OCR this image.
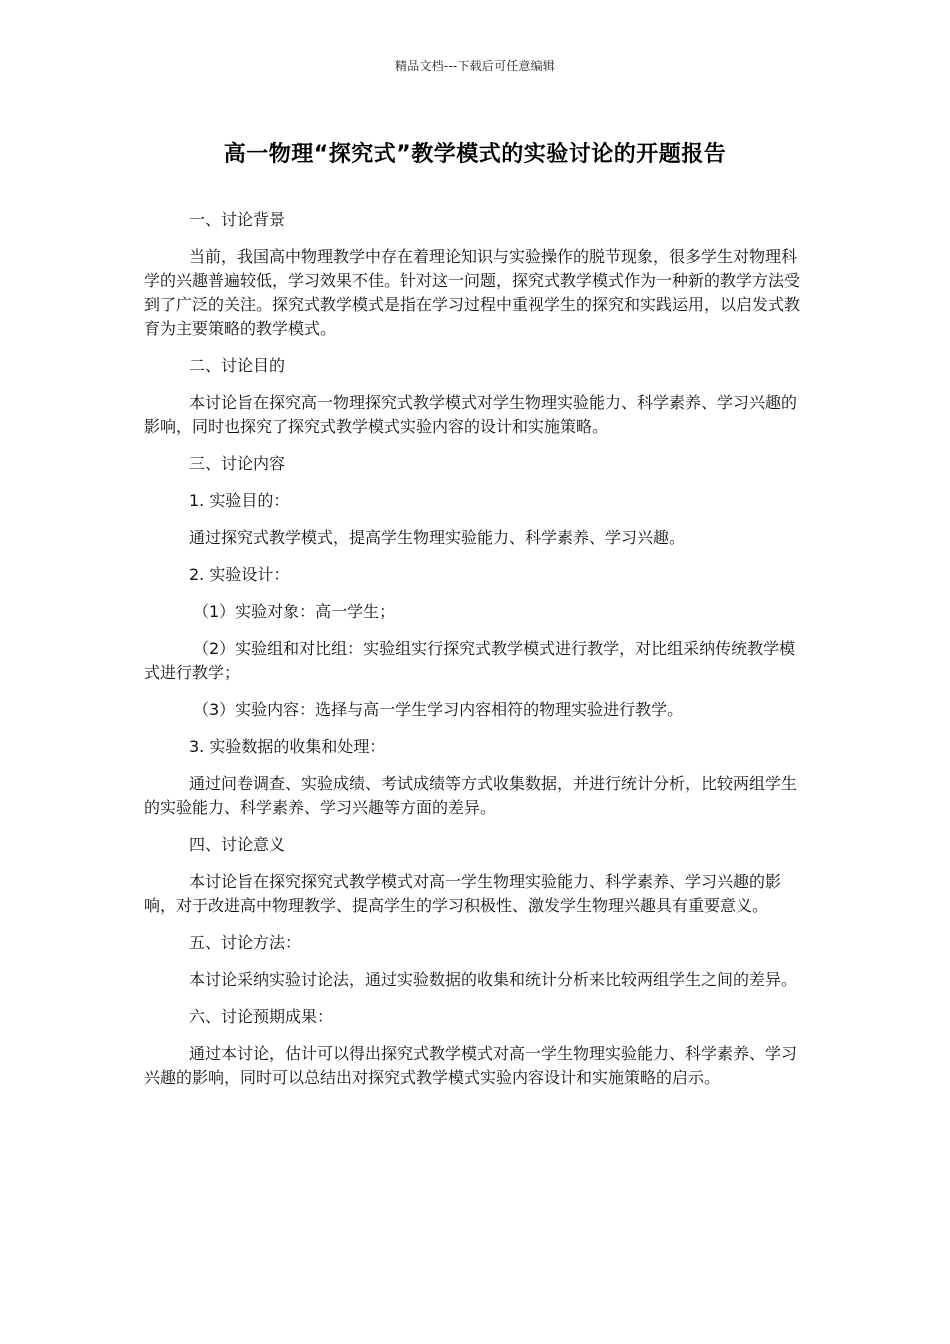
精品文档---下载后可任意编辑
高一物理“探究式”教学模式的实验讨论的开题报告

一、讨论背景

当前，我国高中物理教学中存在着理论知识与实验操作的脱节现象，很多学生对物理科学的兴趣普遍较低，学习效果不佳。针对这一问题，探究式教学模式作为一种新的教学方法受到了广泛的关注。探究式教学模式是指在学习过程中重视学生的探究和实践运用，以启发式教育为主要策略的教学模式。

二、讨论目的

本讨论旨在探究高一物理探究式教学模式对学生物理实验能力、科学素养、学习兴趣的影响，同时也探究了探究式教学模式实验内容的设计和实施策略。

三、讨论内容

1. 实验目的：

通过探究式教学模式，提高学生物理实验能力、科学素养、学习兴趣。

2. 实验设计：

（1）实验对象：高一学生；

（2）实验组和对比组：实验组实行探究式教学模式进行教学，对比组采纳传统教学模式进行教学；

（3）实验内容：选择与高一学生学习内容相符的物理实验进行教学。

3. 实验数据的收集和处理：

通过问卷调查、实验成绩、考试成绩等方式收集数据，并进行统计分析，比较两组学生的实验能力、科学素养、学习兴趣等方面的差异。

四、讨论意义

本讨论旨在探究探究式教学模式对高一学生物理实验能力、科学素养、学习兴趣的影响，对于改进高中物理教学、提高学生的学习积极性、激发学生物理兴趣具有重要意义。

五、讨论方法：

本讨论采纳实验讨论法，通过实验数据的收集和统计分析来比较两组学生之间的差异。

六、讨论预期成果：

通过本讨论，估计可以得出探究式教学模式对高一学生物理实验能力、科学素养、学习兴趣的影响，同时可以总结出对探究式教学模式实验内容设计和实施策略的启示。
